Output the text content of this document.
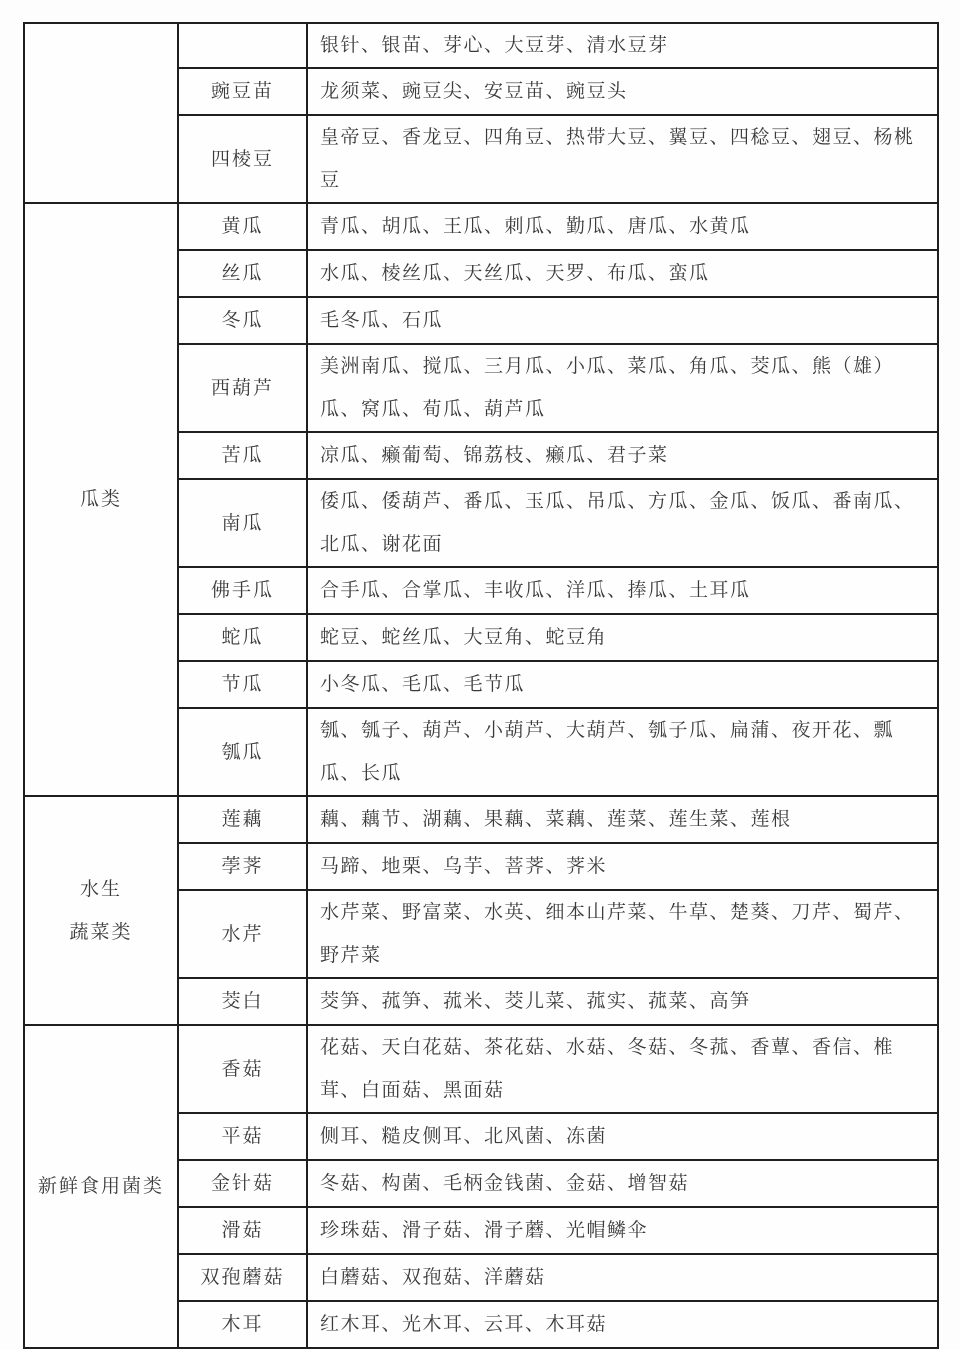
		银针、银苗、芽心、大豆芽、清水豆芽
	豌豆苗	龙须菜、豌豆尖、安豆苗、豌豆头
	四棱豆	皇帝豆、香龙豆、四角豆、热带大豆、翼豆、四稔豆、翅豆、杨桃豆

瓜类	黄瓜	青瓜、胡瓜、王瓜、刺瓜、勤瓜、唐瓜、水黄瓜
	丝瓜	水瓜、棱丝瓜、天丝瓜、天罗、布瓜、蛮瓜
	冬瓜	毛冬瓜、石瓜
	西葫芦	美洲南瓜、搅瓜、三月瓜、小瓜、菜瓜、角瓜、茭瓜、熊（雄）瓜、窝瓜、荀瓜、葫芦瓜
	苦瓜	凉瓜、癞葡萄、锦荔枝、癞瓜、君子菜
	南瓜	倭瓜、倭葫芦、番瓜、玉瓜、吊瓜、方瓜、金瓜、饭瓜、番南瓜、北瓜、谢花面
	佛手瓜	合手瓜、合掌瓜、丰收瓜、洋瓜、捧瓜、土耳瓜
	蛇瓜	蛇豆、蛇丝瓜、大豆角、蛇豆角
	节瓜	小冬瓜、毛瓜、毛节瓜
	瓠瓜	瓠、瓠子、葫芦、小葫芦、大葫芦、瓠子瓜、扁蒲、夜开花、瓢瓜、长瓜

水生
蔬菜类	莲藕	藕、藕节、湖藕、果藕、菜藕、莲菜、莲生菜、莲根
	荸荠	马蹄、地栗、乌芋、菩荠、荠米
	水芹	水芹菜、野富菜、水英、细本山芹菜、牛草、楚葵、刀芹、蜀芹、野芹菜
	茭白	茭笋、菰笋、菰米、茭儿菜、菰实、菰菜、高笋

新鲜食用菌类	香菇	花菇、天白花菇、茶花菇、水菇、冬菇、冬菰、香蕈、香信、椎茸、白面菇、黑面菇
	平菇	侧耳、糙皮侧耳、北风菌、冻菌
	金针菇	冬菇、构菌、毛柄金钱菌、金菇、增智菇
	滑菇	珍珠菇、滑子菇、滑子蘑、光帽鳞伞
	双孢蘑菇	白蘑菇、双孢菇、洋蘑菇
	木耳	红木耳、光木耳、云耳、木耳菇
